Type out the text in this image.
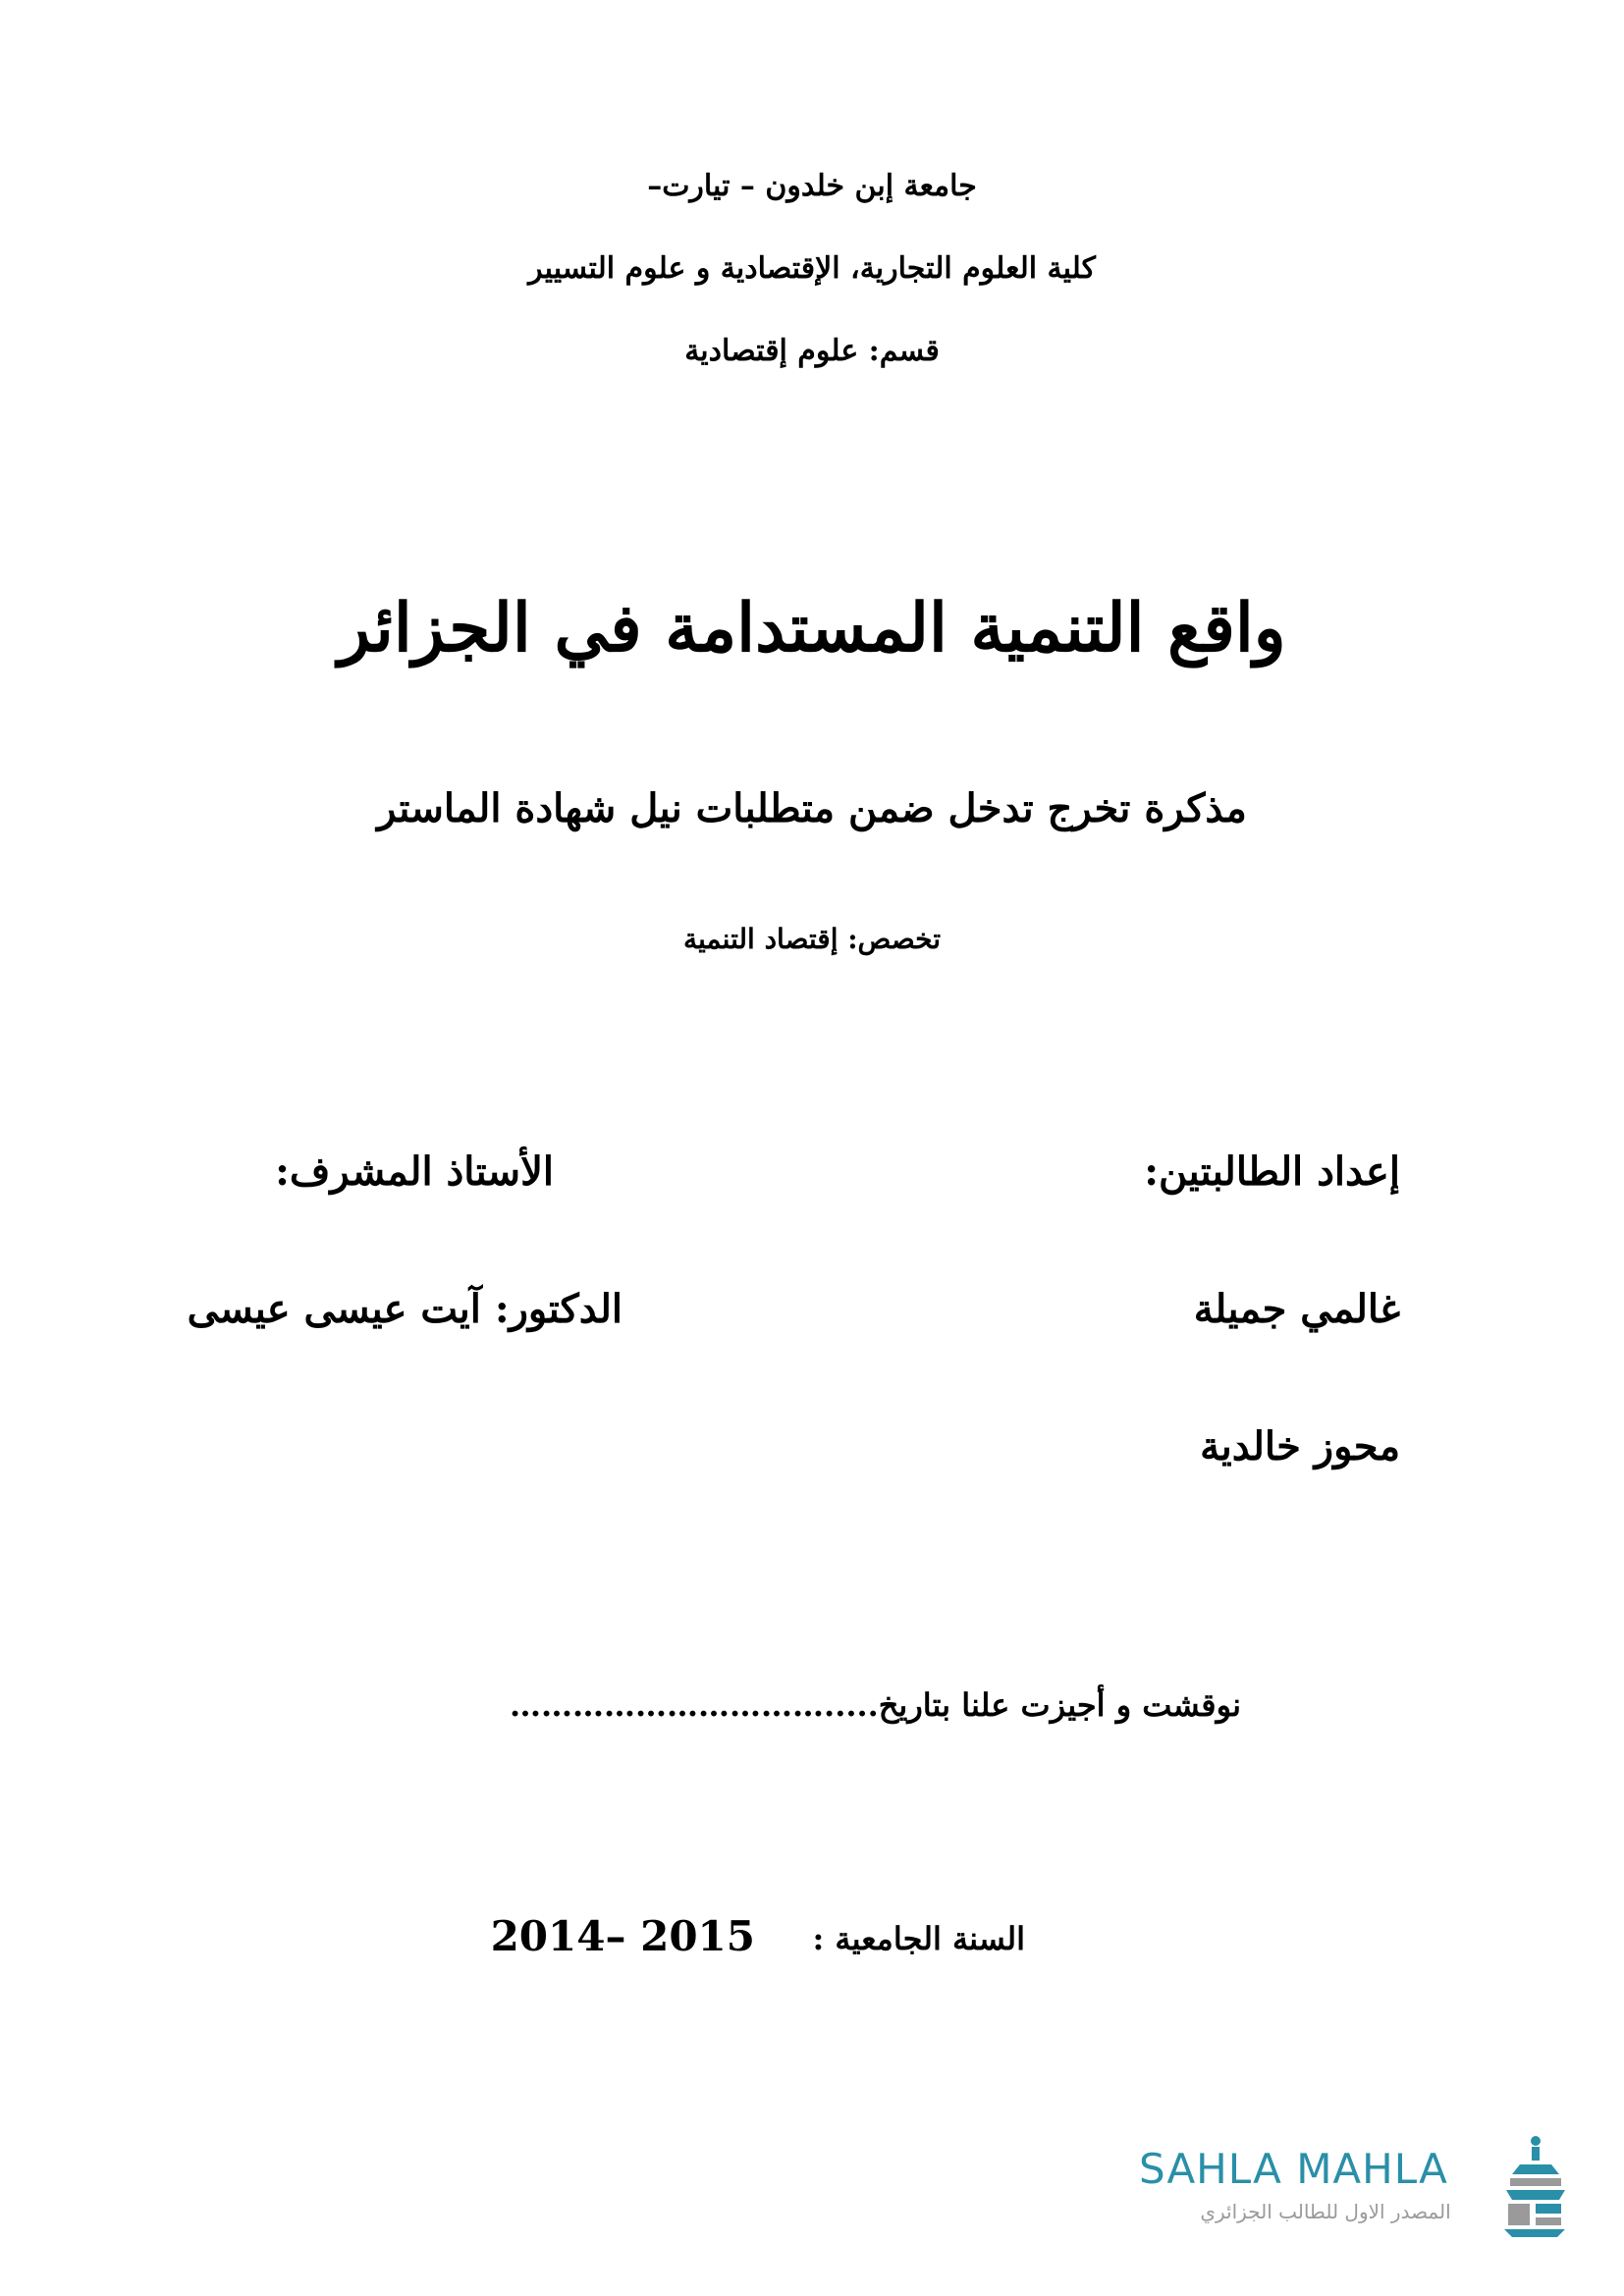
جامعة إبن خلدون – تيارت–
كلية العلوم التجارية، الإقتصادية و علوم التسيير
قسم: علوم إقتصادية
واقع التنمية المستدامة في الجزائر
مذكرة تخرج تدخل ضمن متطلبات نيل شهادة الماستر
تخصص: إقتصاد التنمية
إعداد الطالبتين:
الأستاذ المشرف:
غالمي جميلة
الدكتور: آيت عيسى عيسى
محوز خالدية
نوقشت و أجيزت علنا بتاريخ.....…………………………
السنة الجامعية :
2014– 2015
SAHLA MAHLA
المصدر الاول للطالب الجزائري
